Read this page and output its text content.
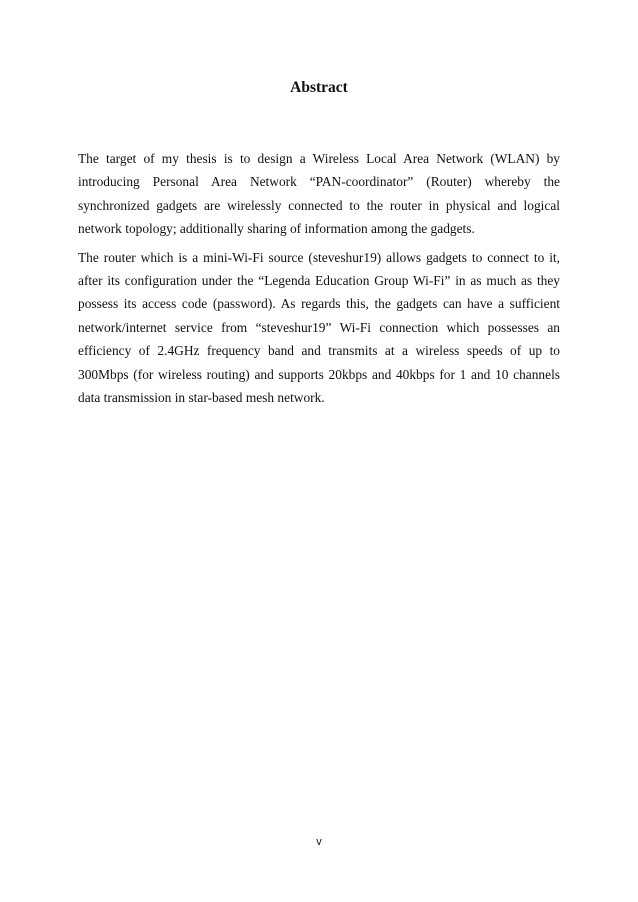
Abstract

The target of my thesis is to design a Wireless Local Area Network (WLAN) by introducing Personal Area Network “PAN-coordinator” (Router) whereby the synchronized gadgets are wirelessly connected to the router in physical and logical network topology; additionally sharing of information among the gadgets.

The router which is a mini-Wi-Fi source (steveshur19) allows gadgets to connect to it, after its configuration under the “Legenda Education Group Wi-Fi” in as much as they possess its access code (password). As regards this, the gadgets can have a sufficient network/internet service from “steveshur19” Wi-Fi connection which possesses an efficiency of 2.4GHz frequency band and transmits at a wireless speeds of up to 300Mbps (for wireless routing) and supports 20kbps and 40kbps for 1 and 10 channels data transmission in star-based mesh network.

v
